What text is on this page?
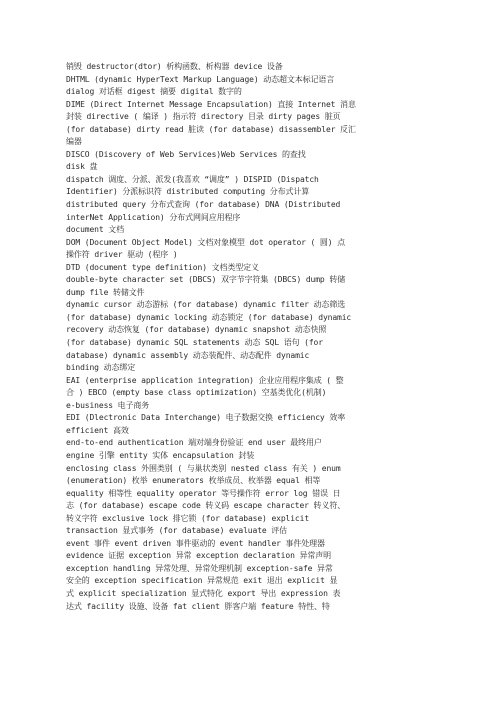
销毁 destructor(dtor) 析构函数、析构器 device 设备
DHTML (dynamic HyperText Markup Language) 动态超文本标记语言
dialog 对话框 digest 摘要 digital 数字的
DIME (Direct Internet Message Encapsulation) 直接 Internet 消息
封装 directive ( 编译 ) 指示符 directory 目录 dirty pages 脏页
(for database) dirty read 脏读 (for database) disassembler 反汇
编器
DISCO (Discovery of Web Services)Web Services 的查找
disk 盘
dispatch 调度、分派、派发(我喜欢 “调度” ) DISPID (Dispatch
Identifier) 分派标识符 distributed computing 分布式计算
distributed query 分布式查询 (for database) DNA (Distributed
interNet Application) 分布式网间应用程序
document 文档
DOM (Document Object Model) 文档对象模型 dot operator ( 圆) 点
操作符 driver 驱动 (程序 )
DTD (document type definition) 文档类型定义
double-byte character set (DBCS) 双字节字符集 (DBCS) dump 转储
dump file 转储文件
dynamic cursor 动态游标 (for database) dynamic filter 动态筛选
(for database) dynamic locking 动态锁定 (for database) dynamic
recovery 动态恢复 (for database) dynamic snapshot 动态快照
(for database) dynamic SQL statements 动态 SQL 语句 (for
database) dynamic assembly 动态装配件、动态配件 dynamic
binding 动态绑定
EAI (enterprise application integration) 企业应用程序集成 ( 整
合 ) EBCO (empty base class optimization) 空基类优化(机制)
e-business 电子商务
EDI (Dlectronic Data Interchange) 电子数据交换 efficiency 效率
efficient 高效
end-to-end authentication 端对端身份验证 end user 最终用户
engine 引擎 entity 实体 encapsulation 封装
enclosing class 外围类别 ( 与巢状类别 nested class 有关 ) enum
(enumeration) 枚举 enumerators 枚举成员、枚举器 equal 相等
equality 相等性 equality operator 等号操作符 error log 错误 日
志 (for database) escape code 转义码 escape character 转义符、
转义字符 exclusive lock 排它锁 (for database) explicit
transaction 显式事务 (for database) evaluate 评估
event 事件 event driven 事件驱动的 event handler 事件处理器
evidence 证据 exception 异常 exception declaration 异常声明
exception handling 异常处理、异常处理机制 exception-safe 异常
安全的 exception specification 异常规范 exit 退出 explicit 显
式 explicit specialization 显式特化 export 导出 expression 表
达式 facility 设施、设备 fat client 胖客户端 feature 特性、特
